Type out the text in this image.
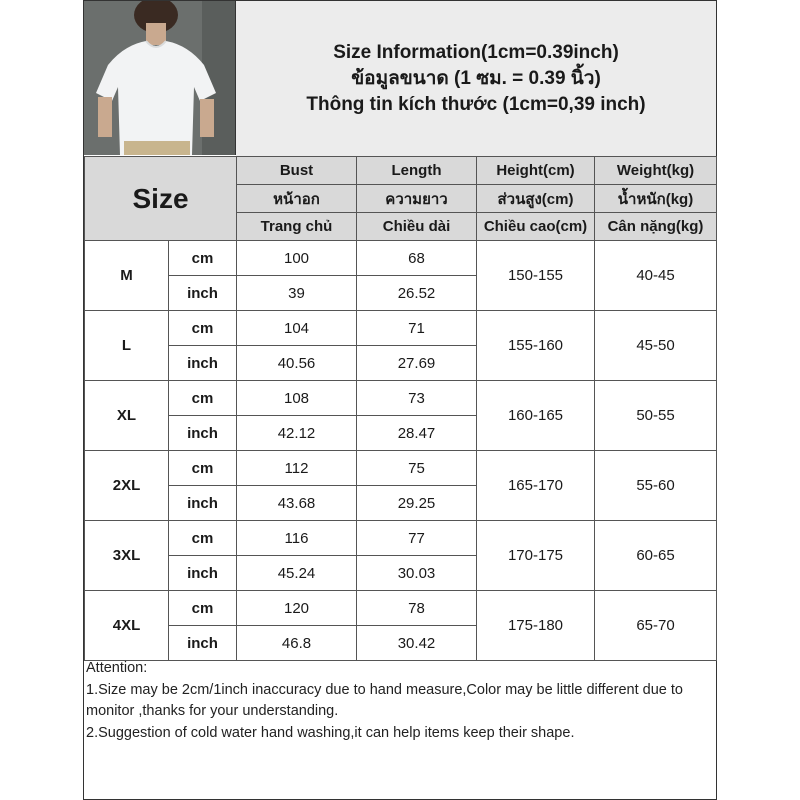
Size Information(1cm=0.39inch)
ข้อมูลขนาด (1 ซม. = 0.39 นิ้ว)
Thông tin kích thước (1cm=0,39 inch)
Size		Bust	Length	Height(cm)	Weight(kg)
		หน้าอก	ความยาว	ส่วนสูง(cm)	น้ำหนัก(kg)
		Trang chủ	Chiều dài	Chiều cao(cm)	Cân nặng(kg)
M	cm	100	68	150-155	40-45
	inch	39	26.52		
L	cm	104	71	155-160	45-50
	inch	40.56	27.69		
XL	cm	108	73	160-165	50-55
	inch	42.12	28.47		
2XL	cm	112	75	165-170	55-60
	inch	43.68	29.25		
3XL	cm	116	77	170-175	60-65
	inch	45.24	30.03		
4XL	cm	120	78	175-180	65-70
	inch	46.8	30.42		
Attention:
1.Size may be 2cm/1inch inaccuracy due to hand measure,Color may be little different due to monitor ,thanks for your understanding.
2.Suggestion of cold water hand washing,it can help items keep their shape.
